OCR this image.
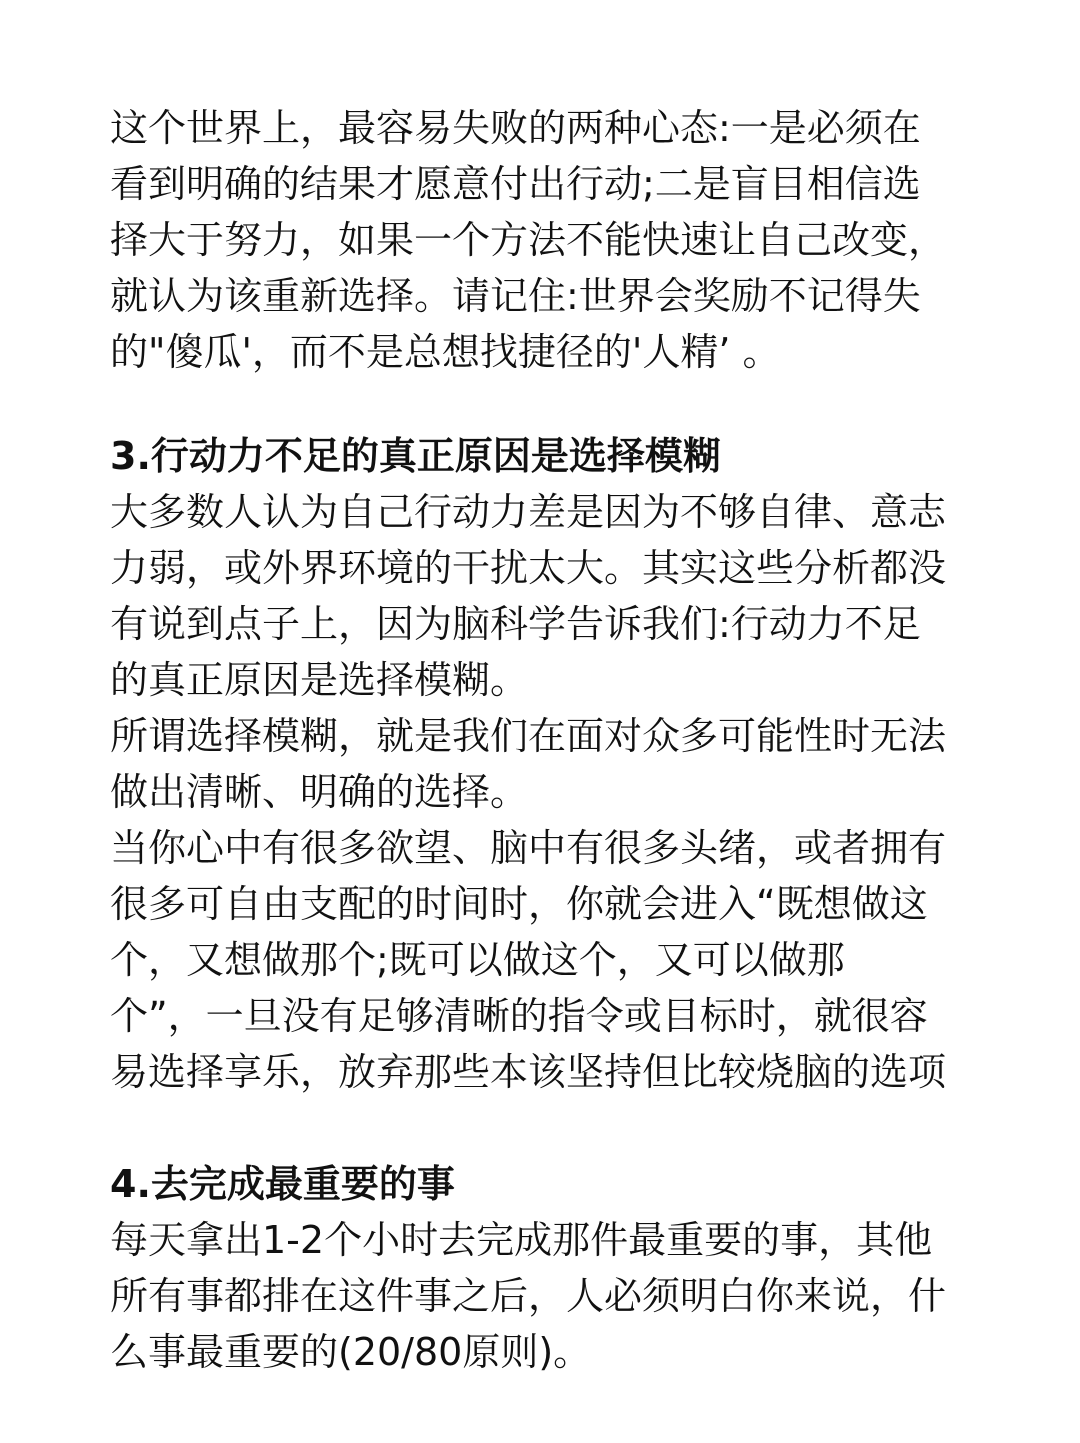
这个世界上，最容易失败的两种心态:一是必须在
看到明确的结果才愿意付出行动;二是盲目相信选
择大于努力，如果一个方法不能快速让自己改变，
就认为该重新选择。请记住:世界会奖励不记得失
的"傻瓜'，而不是总想找捷径的'人精’ 。
3.行动力不足的真正原因是选择模糊
大多数人认为自己行动力差是因为不够自律、意志
力弱，或外界环境的干扰太大。其实这些分析都没
有说到点子上，因为脑科学告诉我们:行动力不足
的真正原因是选择模糊。
所谓选择模糊，就是我们在面对众多可能性时无法
做出清晰、明确的选择。
当你心中有很多欲望、脑中有很多头绪，或者拥有
很多可自由支配的时间时，你就会进入“既想做这
个，又想做那个;既可以做这个，又可以做那
个”，一旦没有足够清晰的指令或目标时，就很容
易选择享乐，放弃那些本该坚持但比较烧脑的选项
4.去完成最重要的事
每天拿出1-2个小时去完成那件最重要的事，其他
所有事都排在这件事之后，人必须明白你来说，什
么事最重要的(20/80原则)。
